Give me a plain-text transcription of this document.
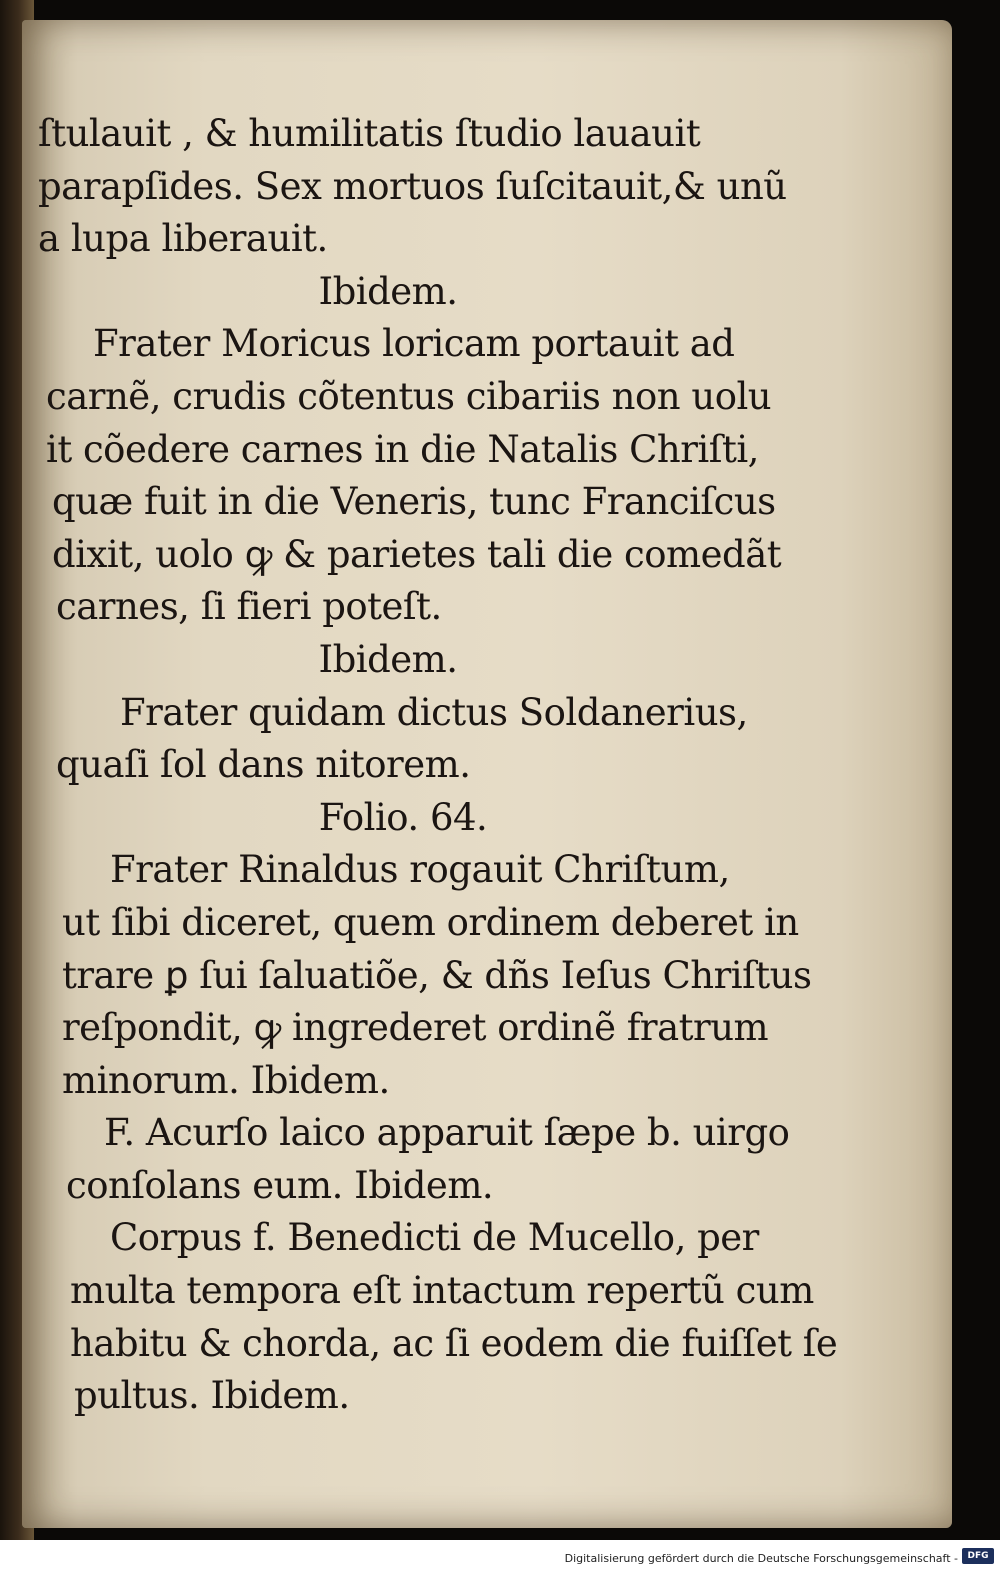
ſtulauit , & humilitatis ſtudio lauauit
parapſides. Sex mortuos ſuſcitauit,& unũ
a lupa liberauit.
Ibidem.
Frater Moricus loricam portauit ad
carnẽ, crudis cõtentus cibariis non uolu
it cõedere carnes in die Natalis Chriſti,
quæ fuit in die Veneris, tunc Franciſcus
dixit, uolo ꝙ & parietes tali die comedãt
carnes, ſi fieri poteſt.
Ibidem.
Frater quidam dictus Soldanerius,
quaſi ſol dans nitorem.
Folio. 64.
Frater Rinaldus rogauit Chriſtum,
ut ſibi diceret, quem ordinem deberet in
trare ꝑ ſui ſaluatiõe, & dñs Ieſus Chriſtus
reſpondit, ꝙ ingrederet ordinẽ fratrum
minorum. Ibidem.
F. Acurſo laico apparuit ſæpe b. uirgo
conſolans eum. Ibidem.
Corpus f. Benedicti de Mucello, per
multa tempora eſt intactum repertũ cum
habitu & chorda, ac ſi eodem die fuiſſet ſe
pultus. Ibidem.
Digitalisierung gefördert durch die Deutsche Forschungsgemeinschaft -	DFG
